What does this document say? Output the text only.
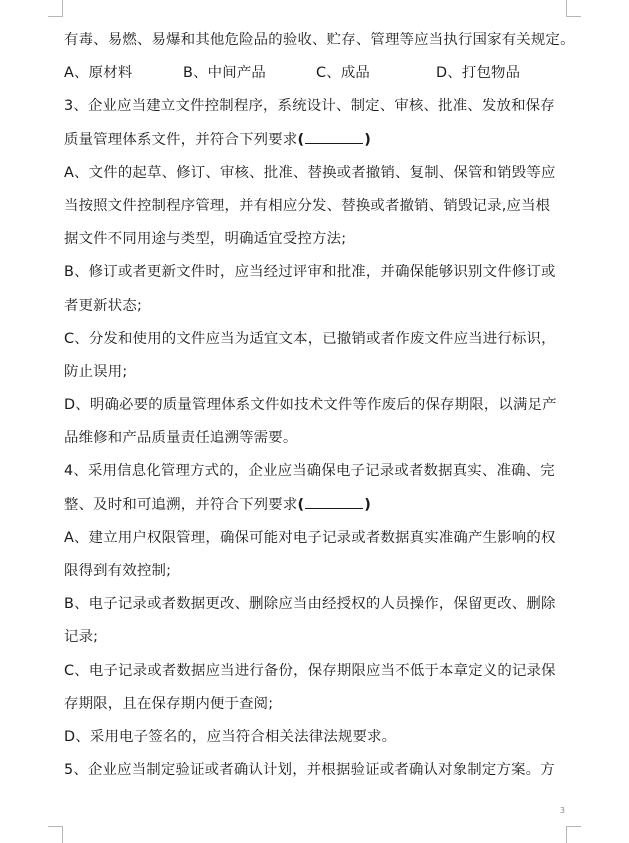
有毒、易燃、易爆和其他危险品的验收、贮存、管理等应当执行国家有关规定。
A、原材料	B、中间产品	C、成品	D、打包物品
3、企业应当建立文件控制程序，系统设计、制定、审核、批准、发放和保存
质量管理体系文件，并符合下列要求(	)
A、文件的起草、修订、审核、批准、替换或者撤销、复制、保管和销毁等应
当按照文件控制程序管理，并有相应分发、替换或者撤销、销毁记录,应当根
据文件不同用途与类型，明确适宜受控方法;
B、修订或者更新文件时，应当经过评审和批准，并确保能够识别文件修订或
者更新状态;
C、分发和使用的文件应当为适宜文本，已撤销或者作废文件应当进行标识，
防止误用;
D、明确必要的质量管理体系文件如技术文件等作废后的保存期限，以满足产
品维修和产品质量责任追溯等需要。
4、采用信息化管理方式的，企业应当确保电子记录或者数据真实、准确、完
整、及时和可追溯，并符合下列要求(	)
A、建立用户权限管理，确保可能对电子记录或者数据真实准确产生影响的权
限得到有效控制;
B、电子记录或者数据更改、删除应当由经授权的人员操作，保留更改、删除
记录;
C、电子记录或者数据应当进行备份，保存期限应当不低于本章定义的记录保
存期限，且在保存期内便于查阅;
D、采用电子签名的，应当符合相关法律法规要求。
5、企业应当制定验证或者确认计划，并根据验证或者确认对象制定方案。方
3
